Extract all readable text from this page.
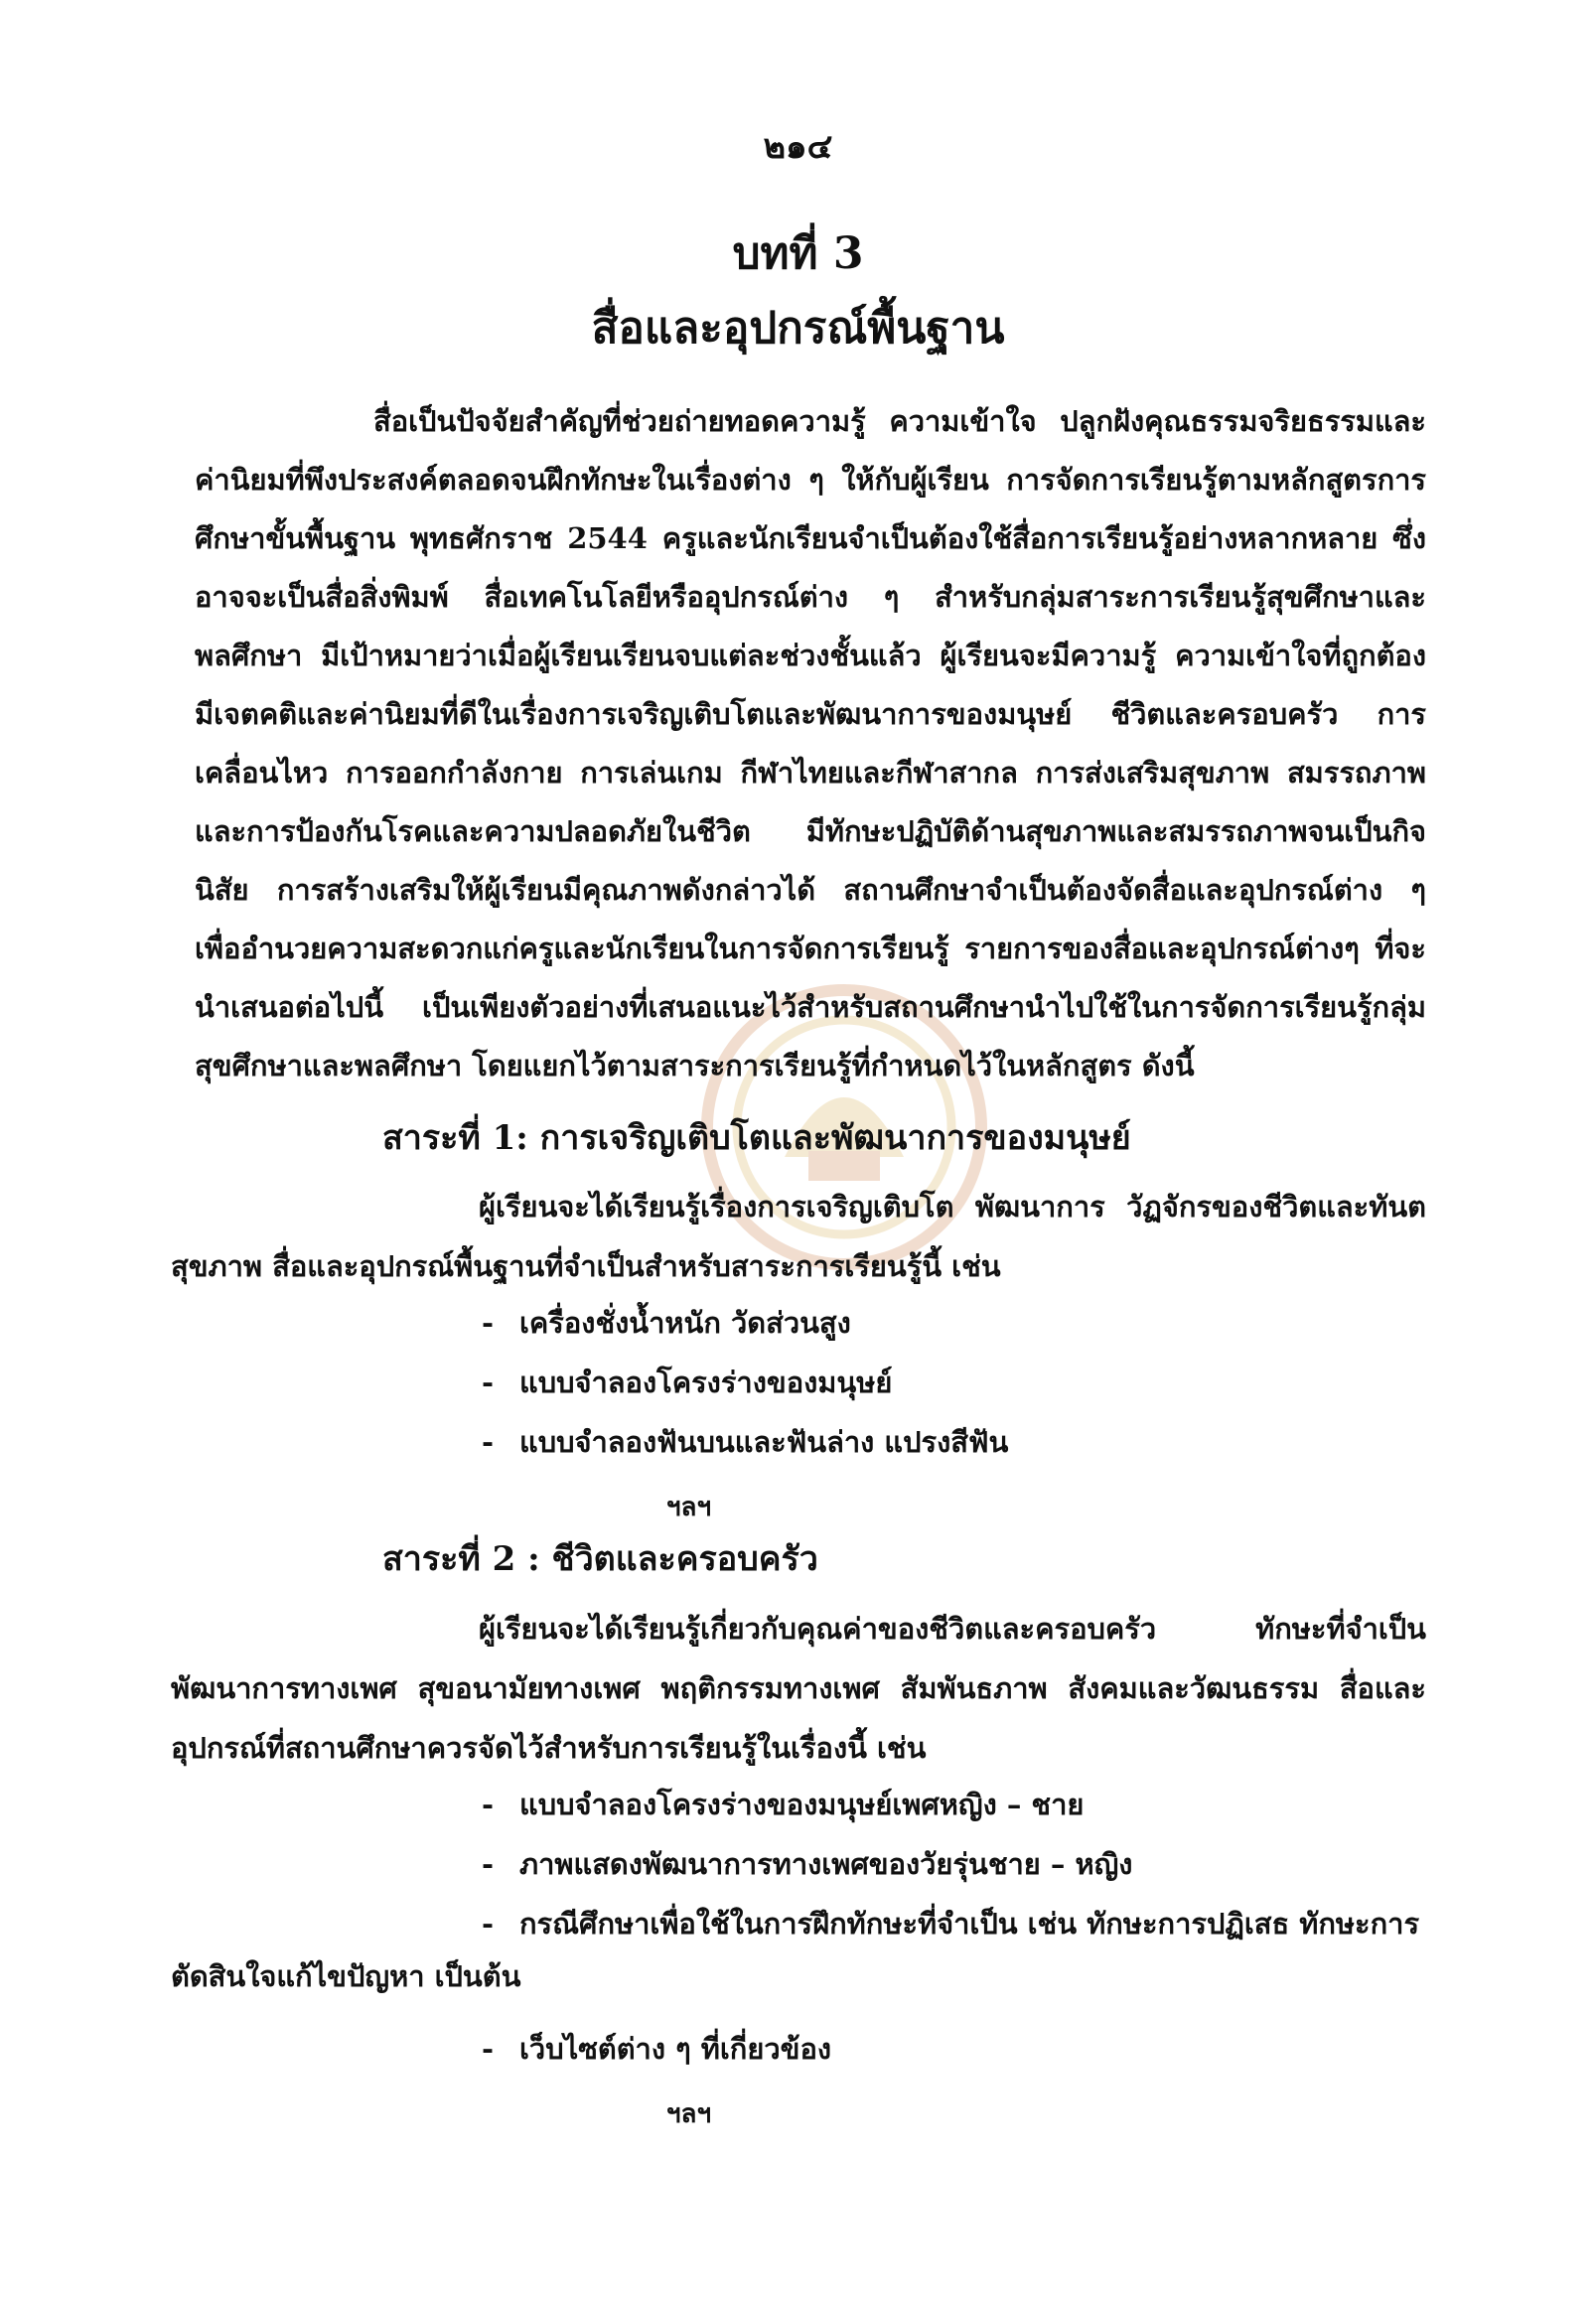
๒๑๔
บทที่ 3
สื่อและอุปกรณ์พื้นฐาน
สื่อเป็นปัจจัยสำคัญที่ช่วยถ่ายทอดความรู้ ความเข้าใจ ปลูกฝังคุณธรรมจริยธรรมและค่านิยมที่พึงประสงค์ตลอดจนฝึกทักษะในเรื่องต่าง ๆ ให้กับผู้เรียน การจัดการเรียนรู้ตามหลักสูตรการศึกษาขั้นพื้นฐาน พุทธศักราช 2544 ครูและนักเรียนจำเป็นต้องใช้สื่อการเรียนรู้อย่างหลากหลาย ซึ่งอาจจะเป็นสื่อสิ่งพิมพ์ สื่อเทคโนโลยีหรืออุปกรณ์ต่าง ๆ สำหรับกลุ่มสาระการเรียนรู้สุขศึกษาและพลศึกษา มีเป้าหมายว่าเมื่อผู้เรียนเรียนจบแต่ละช่วงชั้นแล้ว ผู้เรียนจะมีความรู้ ความเข้าใจที่ถูกต้อง มีเจตคติและค่านิยมที่ดีในเรื่องการเจริญเติบโตและพัฒนาการของมนุษย์ ชีวิตและครอบครัว การเคลื่อนไหว การออกกำลังกาย การเล่นเกม กีฬาไทยและกีฬาสากล การส่งเสริมสุขภาพ สมรรถภาพและการป้องกันโรคและความปลอดภัยในชีวิต มีทักษะปฏิบัติด้านสุขภาพและสมรรถภาพจนเป็นกิจนิสัย การสร้างเสริมให้ผู้เรียนมีคุณภาพดังกล่าวได้ สถานศึกษาจำเป็นต้องจัดสื่อและอุปกรณ์ต่าง ๆ เพื่ออำนวยความสะดวกแก่ครูและนักเรียนในการจัดการเรียนรู้ รายการของสื่อและอุปกรณ์ต่างๆ ที่จะนำเสนอต่อไปนี้ เป็นเพียงตัวอย่างที่เสนอแนะไว้สำหรับสถานศึกษานำไปใช้ในการจัดการเรียนรู้กลุ่มสุขศึกษาและพลศึกษา โดยแยกไว้ตามสาระการเรียนรู้ที่กำหนดไว้ในหลักสูตร ดังนี้
สาระที่ 1: การเจริญเติบโตและพัฒนาการของมนุษย์
ผู้เรียนจะได้เรียนรู้เรื่องการเจริญเติบโต พัฒนาการ วัฏจักรของชีวิตและทันตสุขภาพ สื่อและอุปกรณ์พื้นฐานที่จำเป็นสำหรับสาระการเรียนรู้นี้ เช่น
- เครื่องชั่งน้ำหนัก วัดส่วนสูง
- แบบจำลองโครงร่างของมนุษย์
- แบบจำลองฟันบนและฟันล่าง แปรงสีฟัน
ฯลฯ
สาระที่ 2 : ชีวิตและครอบครัว
ผู้เรียนจะได้เรียนรู้เกี่ยวกับคุณค่าของชีวิตและครอบครัว ทักษะที่จำเป็น พัฒนาการทางเพศ สุขอนามัยทางเพศ พฤติกรรมทางเพศ สัมพันธภาพ สังคมและวัฒนธรรม สื่อและอุปกรณ์ที่สถานศึกษาควรจัดไว้สำหรับการเรียนรู้ในเรื่องนี้ เช่น
- แบบจำลองโครงร่างของมนุษย์เพศหญิง – ชาย
- ภาพแสดงพัฒนาการทางเพศของวัยรุ่นชาย – หญิง
- กรณีศึกษาเพื่อใช้ในการฝึกทักษะที่จำเป็น เช่น ทักษะการปฏิเสธ ทักษะการ
ตัดสินใจแก้ไขปัญหา เป็นต้น
- เว็บไซต์ต่าง ๆ ที่เกี่ยวข้อง
ฯลฯ
